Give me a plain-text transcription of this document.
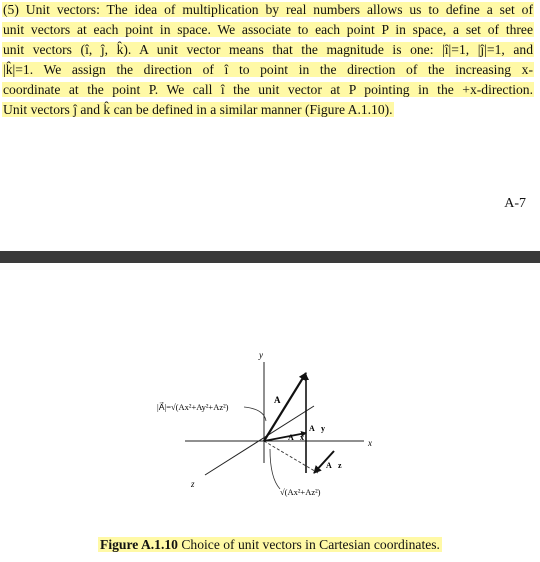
(5) Unit vectors: The idea of multiplication by real numbers allows us to define a set of
unit vectors at each point in space. We associate to each point P in space, a set of three
unit vectors (î, ĵ, k̂). A unit vector means that the magnitude is one: |î|=1, |ĵ|=1, and
|k̂|=1. We assign the direction of î to point in the direction of the increasing x-
coordinate at the point P. We call î the unit vector at P pointing in the +x-direction.
Unit vectors ĵ and k̂ can be defined in a similar manner (Figure A.1.10).
A-7
y
x
z
A⃗
A⃗x
A⃗y
A⃗z
|A⃗|=√(Ax²+Ay²+Az²)
√(Ax²+Az²)
Figure A.1.10 Choice of unit vectors in Cartesian coordinates.
